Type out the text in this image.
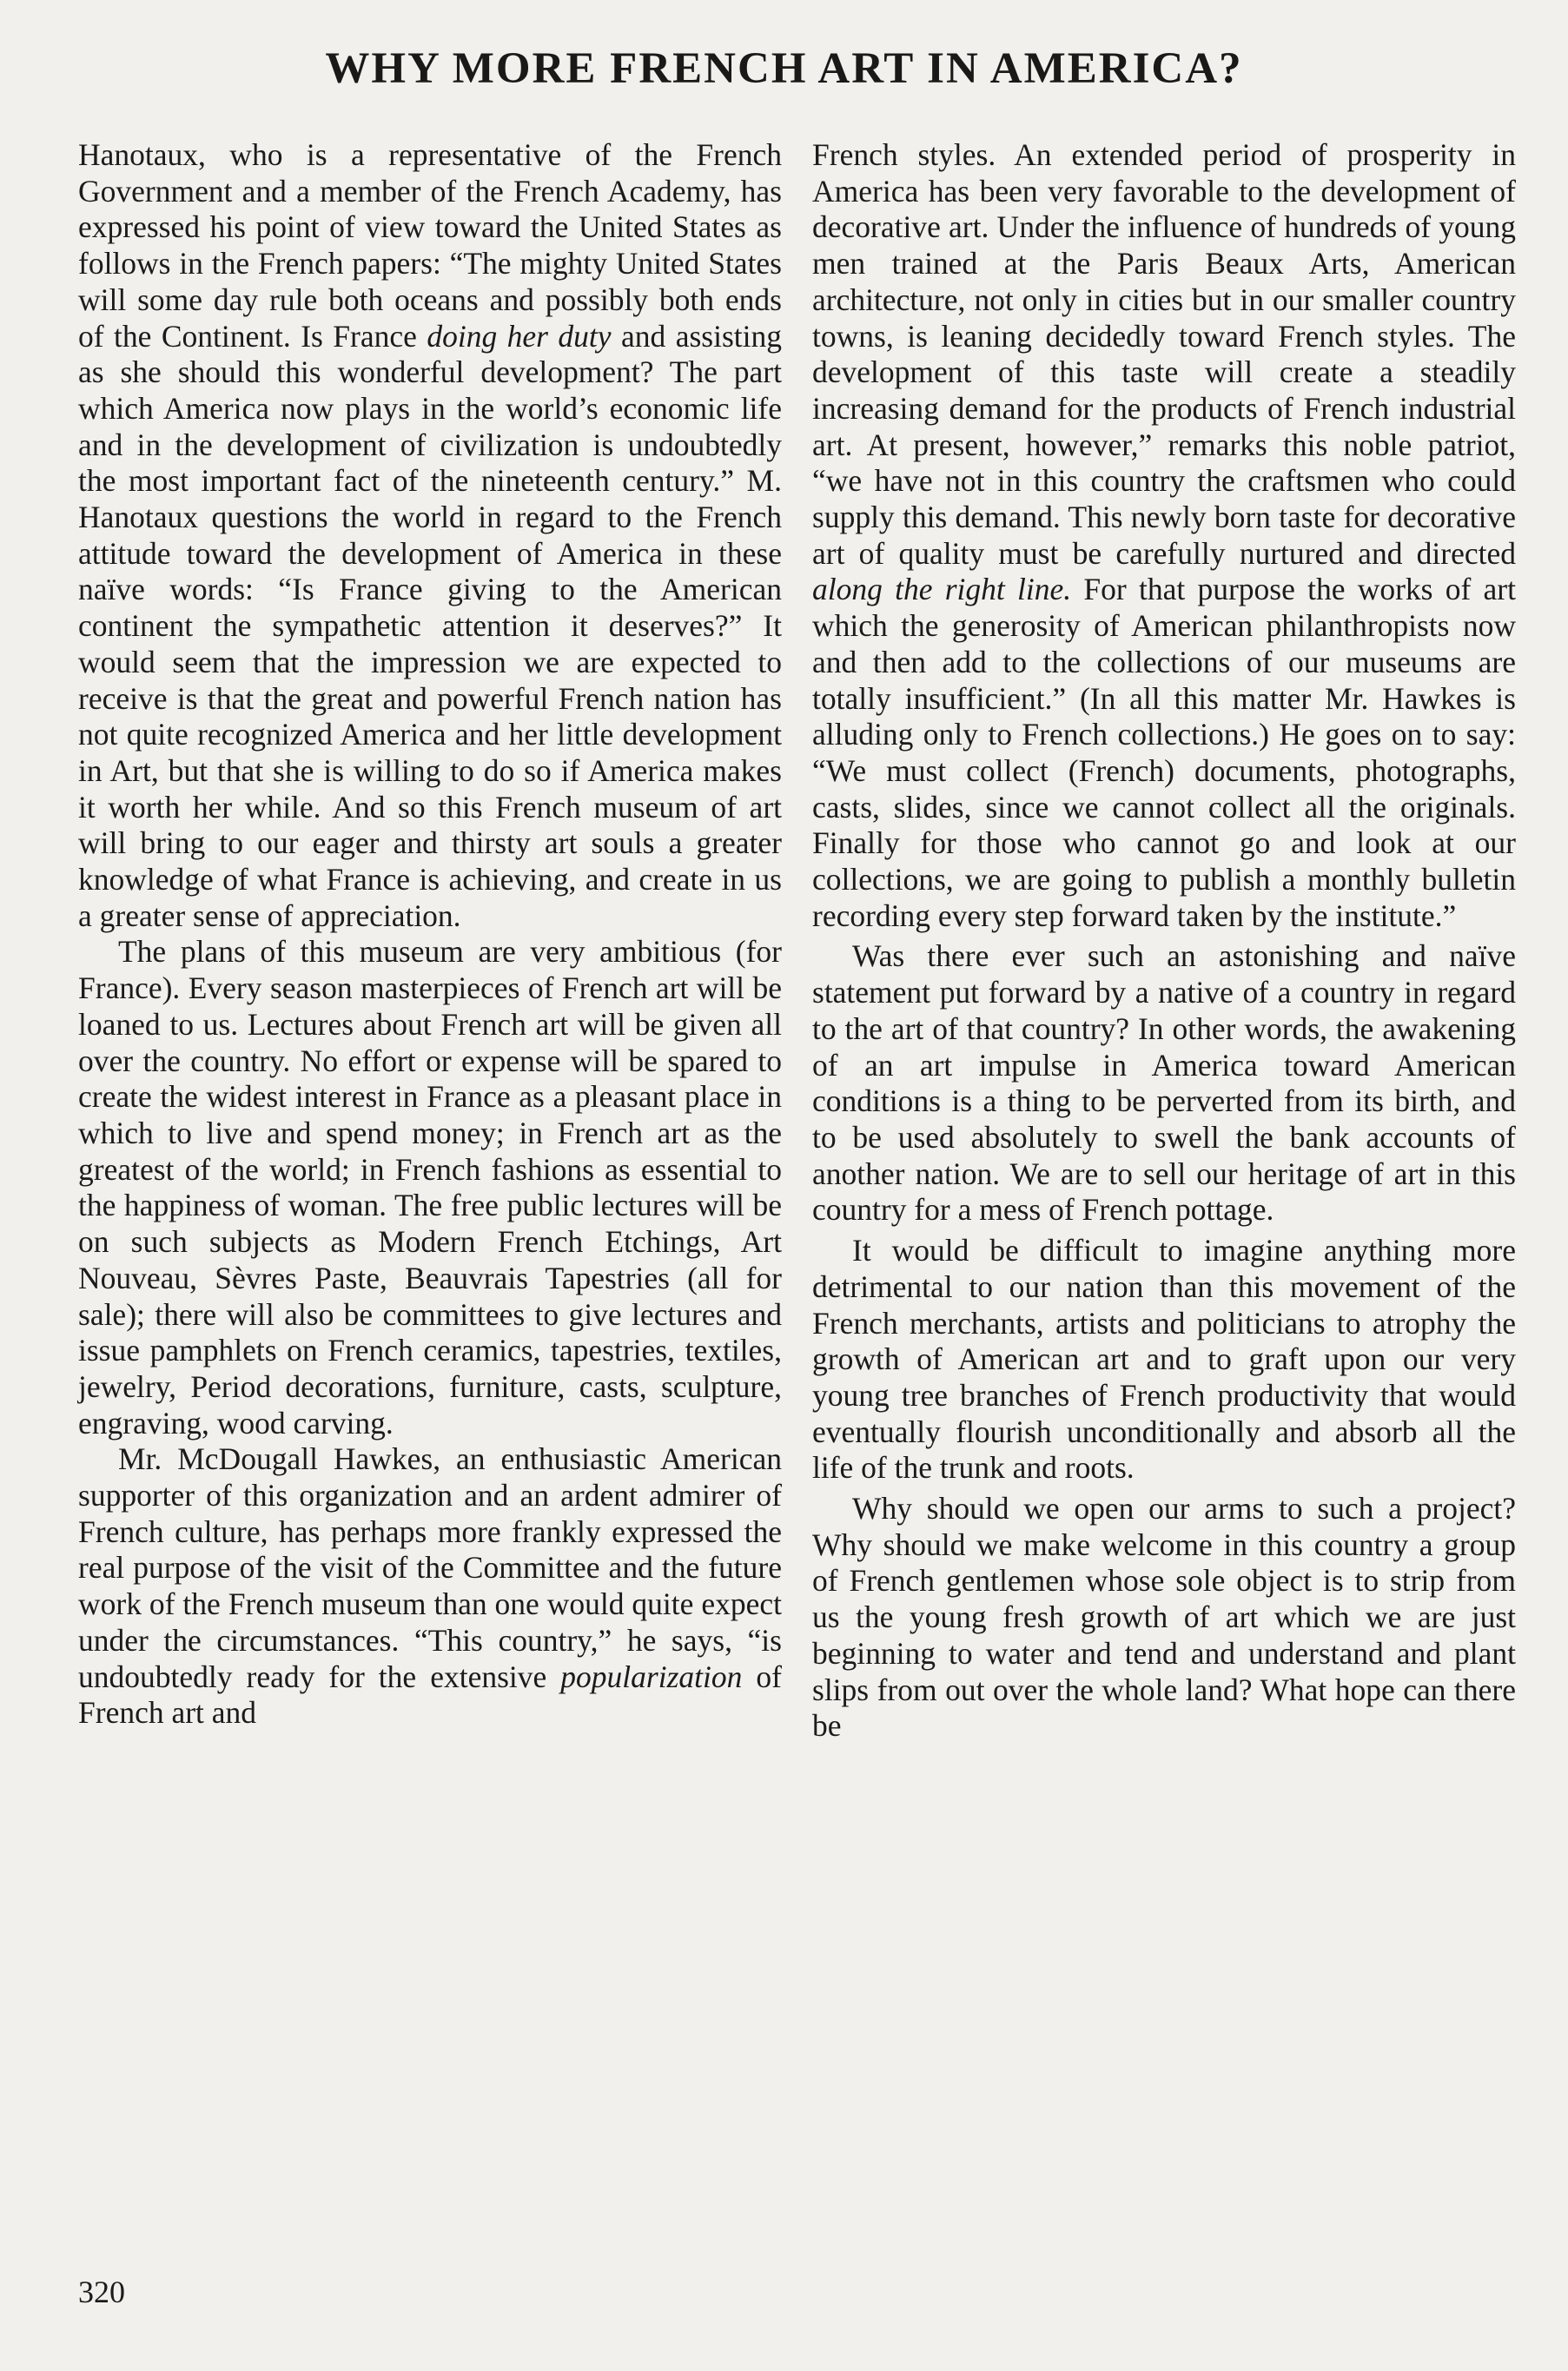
WHY MORE FRENCH ART IN AMERICA?

Hanotaux, who is a representative of the French Government and a member of the French Academy, has expressed his point of view toward the United States as follows in the French papers: “The mighty United States will some day rule both oceans and possibly both ends of the Continent. Is France doing her duty and assisting as she should this wonderful development? The part which America now plays in the world’s economic life and in the development of civilization is undoubtedly the most important fact of the nineteenth century.” M. Hanotaux questions the world in regard to the French attitude toward the development of America in these naïve words: “Is France giving to the American continent the sympathetic attention it deserves?” It would seem that the impression we are expected to receive is that the great and powerful French nation has not quite recognized America and her little development in Art, but that she is willing to do so if America makes it worth her while. And so this French museum of art will bring to our eager and thirsty art souls a greater knowledge of what France is achieving, and create in us a greater sense of appreciation.

The plans of this museum are very ambitious (for France). Every season masterpieces of French art will be loaned to us. Lectures about French art will be given all over the country. No effort or expense will be spared to create the widest interest in France as a pleasant place in which to live and spend money; in French art as the greatest of the world; in French fashions as essential to the happiness of woman. The free public lectures will be on such subjects as Modern French Etchings, Art Nouveau, Sèvres Paste, Beauvrais Tapestries (all for sale); there will also be committees to give lectures and issue pamphlets on French ceramics, tapestries, textiles, jewelry, Period decorations, furniture, casts, sculpture, engraving, wood carving.

Mr. McDougall Hawkes, an enthusiastic American supporter of this organization and an ardent admirer of French culture, has perhaps more frankly expressed the real purpose of the visit of the Committee and the future work of the French museum than one would quite expect under the circumstances. “This country,” he says, “is undoubtedly ready for the extensive popularization of French art and

French styles. An extended period of prosperity in America has been very favorable to the development of decorative art. Under the influence of hundreds of young men trained at the Paris Beaux Arts, American architecture, not only in cities but in our smaller country towns, is leaning decidedly toward French styles. The development of this taste will create a steadily increasing demand for the products of French industrial art. At present, however,” remarks this noble patriot, “we have not in this country the craftsmen who could supply this demand. This newly born taste for decorative art of quality must be carefully nurtured and directed along the right line. For that purpose the works of art which the generosity of American philanthropists now and then add to the collections of our museums are totally insufficient.” (In all this matter Mr. Hawkes is alluding only to French collections.) He goes on to say: “We must collect (French) documents, photographs, casts, slides, since we cannot collect all the originals. Finally for those who cannot go and look at our collections, we are going to publish a monthly bulletin recording every step forward taken by the institute.”

Was there ever such an astonishing and naïve statement put forward by a native of a country in regard to the art of that country? In other words, the awakening of an art impulse in America toward American conditions is a thing to be perverted from its birth, and to be used absolutely to swell the bank accounts of another nation. We are to sell our heritage of art in this country for a mess of French pottage.

It would be difficult to imagine anything more detrimental to our nation than this movement of the French merchants, artists and politicians to atrophy the growth of American art and to graft upon our very young tree branches of French productivity that would eventually flourish unconditionally and absorb all the life of the trunk and roots.

Why should we open our arms to such a project? Why should we make welcome in this country a group of French gentlemen whose sole object is to strip from us the young fresh growth of art which we are just beginning to water and tend and understand and plant slips from out over the whole land? What hope can there be

320
